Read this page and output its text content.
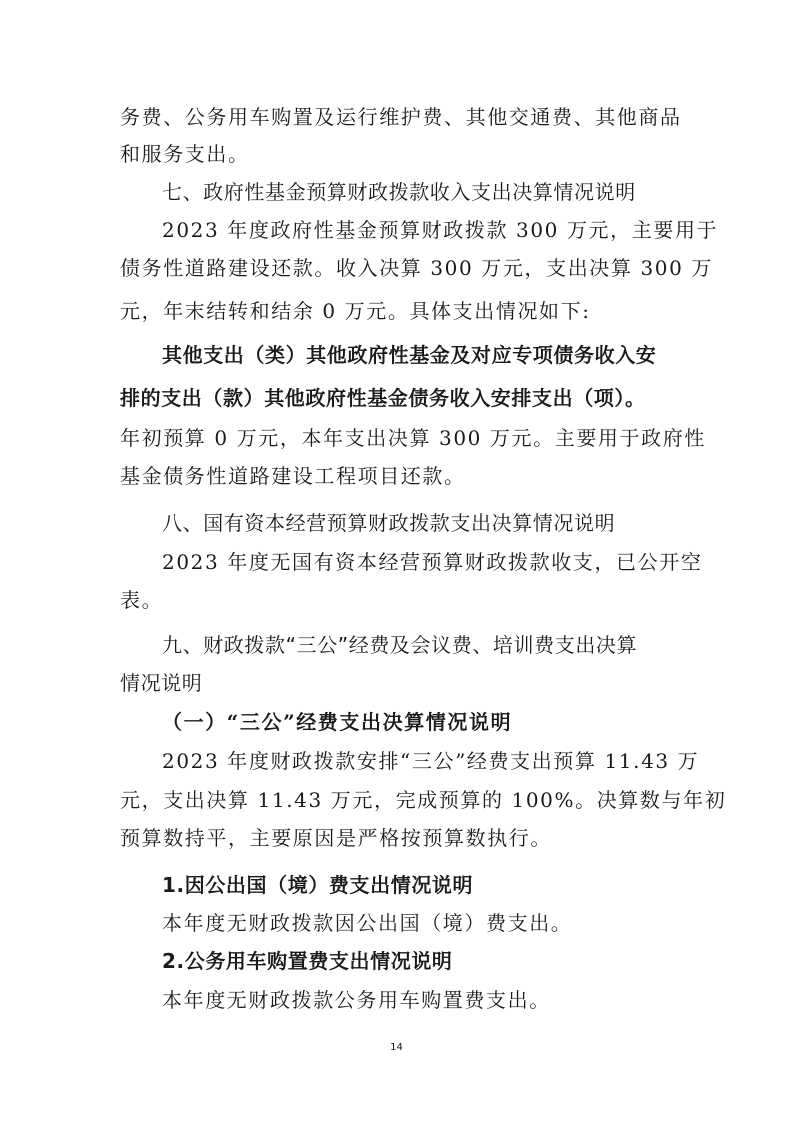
务费、公务用车购置及运行维护费、其他交通费、其他商品
和服务支出。
七、政府性基金预算财政拨款收入支出决算情况说明
2023 年度政府性基金预算财政拨款 300 万元，主要用于
债务性道路建设还款。收入决算 300 万元，支出决算 300 万
元，年末结转和结余 0 万元。具体支出情况如下:
其他支出（类）其他政府性基金及对应专项债务收入安
排的支出（款）其他政府性基金债务收入安排支出（项）。
年初预算 0 万元，本年支出决算 300 万元。主要用于政府性
基金债务性道路建设工程项目还款。
八、国有资本经营预算财政拨款支出决算情况说明
2023 年度无国有资本经营预算财政拨款收支，已公开空
表。
九、财政拨款“三公”经费及会议费、培训费支出决算
情况说明
（一）“三公”经费支出决算情况说明
2023 年度财政拨款安排“三公”经费支出预算 11.43 万
元，支出决算 11.43 万元，完成预算的 100%。决算数与年初
预算数持平，主要原因是严格按预算数执行。
1.因公出国（境）费支出情况说明
本年度无财政拨款因公出国（境）费支出。
2.公务用车购置费支出情况说明
本年度无财政拨款公务用车购置费支出。
14
